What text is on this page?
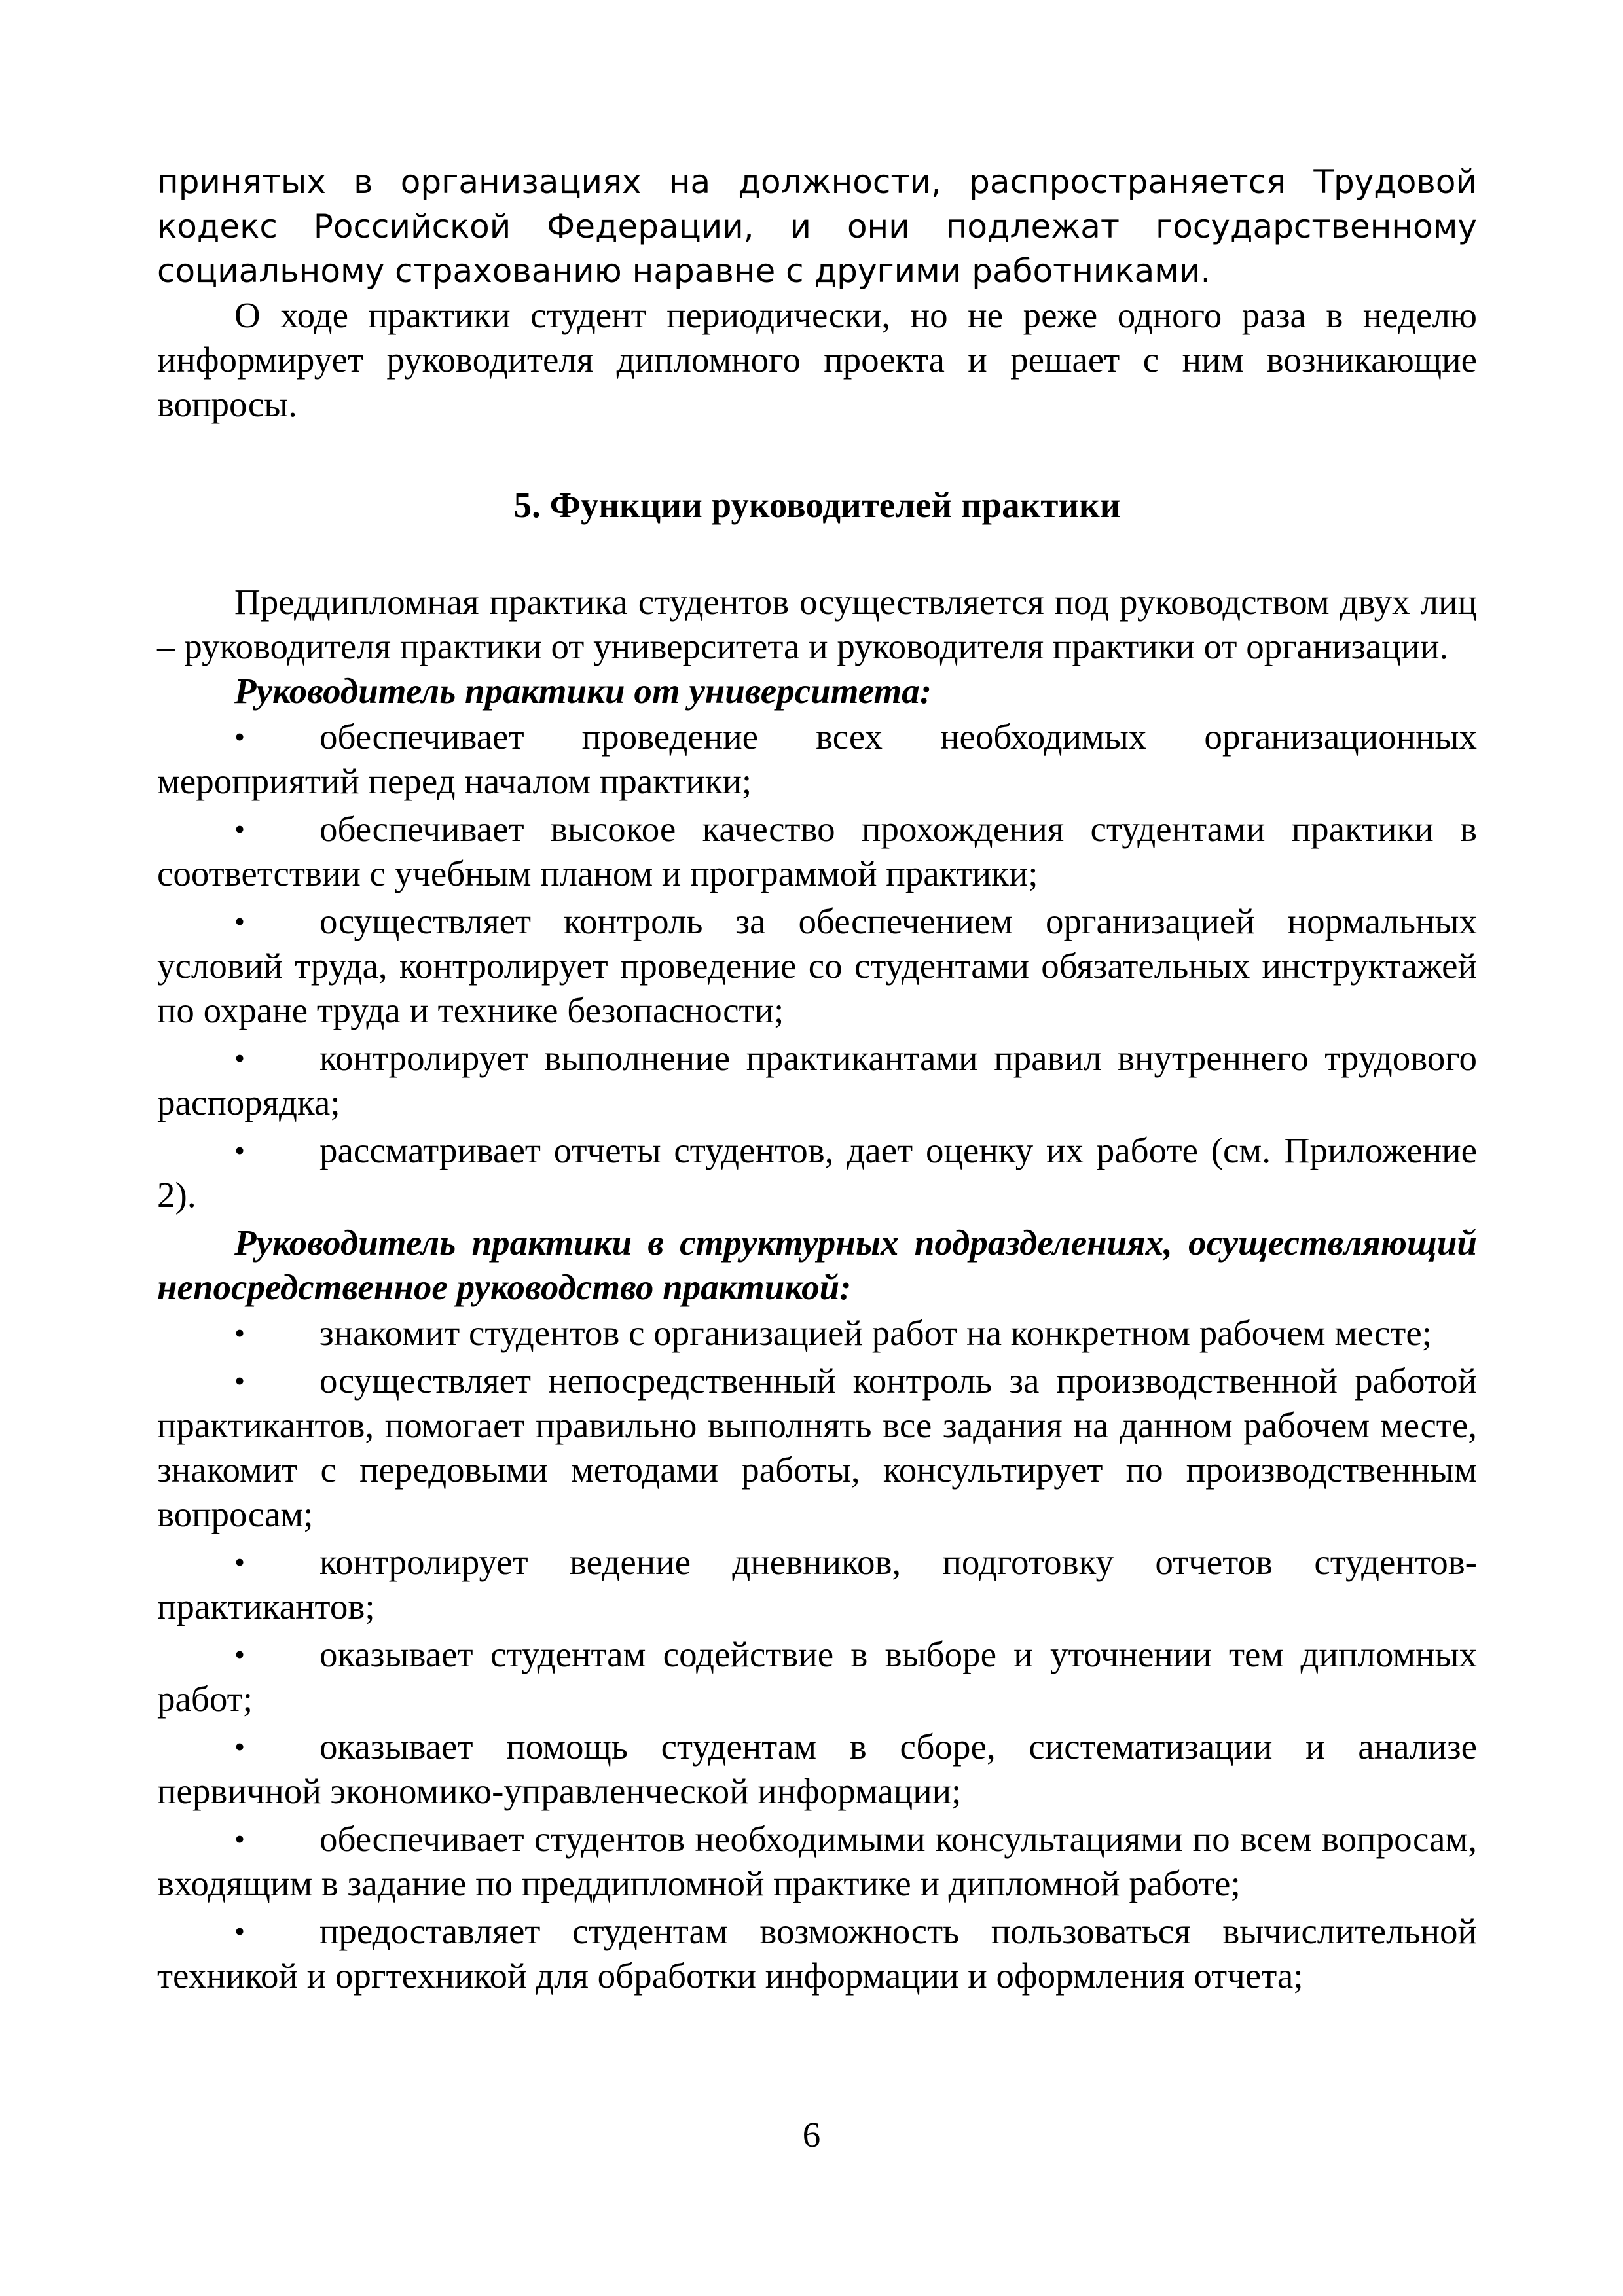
принятых в организациях на должности, распространяется Трудовой кодекс Российской Федерации, и они подлежат государственному социальному страхованию наравне с другими работниками.

О ходе практики студент периодически, но не реже одного раза в неделю информирует руководителя дипломного проекта и решает с ним возникающие вопросы.

5. Функции руководителей практики

Преддипломная практика студентов осуществляется под руководством двух лиц – руководителя практики от университета и руководителя практики от организации.

Руководитель практики от университета:

• обеспечивает проведение всех необходимых организационных мероприятий перед началом практики;
• обеспечивает высокое качество прохождения студентами практики в соответствии с учебным планом и программой практики;
• осуществляет контроль за обеспечением организацией нормальных условий труда, контролирует проведение со студентами обязательных инструктажей по охране труда и технике безопасности;
• контролирует выполнение практикантами правил внутреннего трудового распорядка;
• рассматривает отчеты студентов, дает оценку их работе (см. Приложение 2).

Руководитель практики в структурных подразделениях, осуществляющий непосредственное руководство практикой:

• знакомит студентов с организацией работ на конкретном рабочем месте;
• осуществляет непосредственный контроль за производственной работой практикантов, помогает правильно выполнять все задания на данном рабочем месте, знакомит с передовыми методами работы, консультирует по производственным вопросам;
• контролирует ведение дневников, подготовку отчетов студентов-практикантов;
• оказывает студентам содействие в выборе и уточнении тем дипломных работ;
• оказывает помощь студентам в сборе, систематизации и анализе первичной экономико-управленческой информации;
• обеспечивает студентов необходимыми консультациями по всем вопросам, входящим в задание по преддипломной практике и дипломной работе;
• предоставляет студентам возможность пользоваться вычислительной техникой и оргтехникой для обработки информации и оформления отчета;
6
